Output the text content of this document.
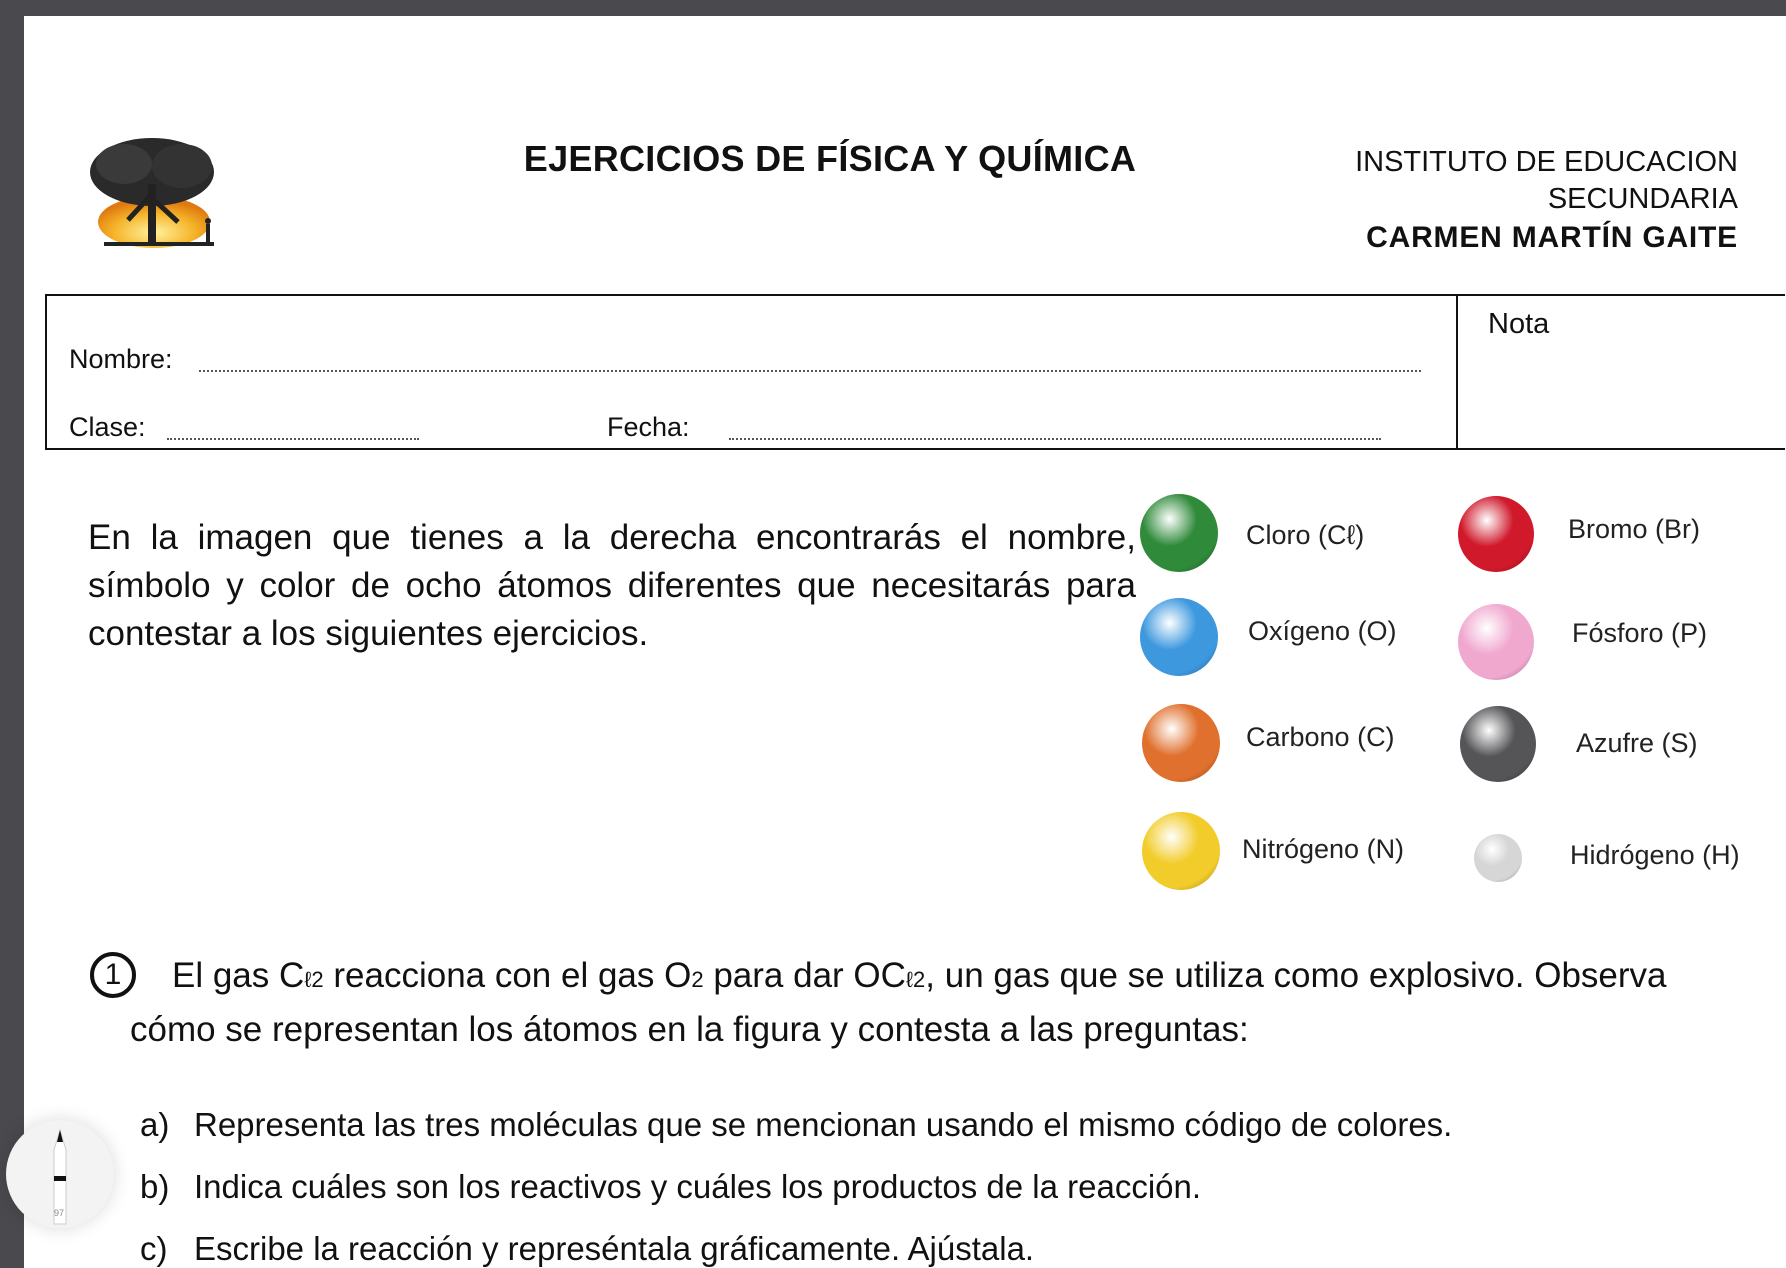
EJERCICIOS DE FÍSICA Y QUÍMICA	INSTITUTO DE EDUCACION
SECUNDARIA
CARMEN MARTÍN GAITE
Nota
Nombre:
Clase:	Fecha:
En la imagen que tienes a la derecha encontrarás el nombre, símbolo y color de ocho átomos diferentes que necesitarás para contestar a los siguientes ejercicios.
Cloro (Cℓ)	Bromo (Br)
Oxígeno (O)	Fósforo (P)
Carbono (C)	Azufre (S)
Nitrógeno (N)	Hidrógeno (H)
1	El gas Cℓ2 reacciona con el gas O2 para dar OCℓ2, un gas que se utiliza como explosivo. Observa
cómo se representan los átomos en la figura y contesta a las preguntas:
a) Representa las tres moléculas que se mencionan usando el mismo código de colores.
b) Indica cuáles son los reactivos y cuáles los productos de la reacción.
c) Escribe la reacción y represéntala gráficamente. Ajústala.
97
